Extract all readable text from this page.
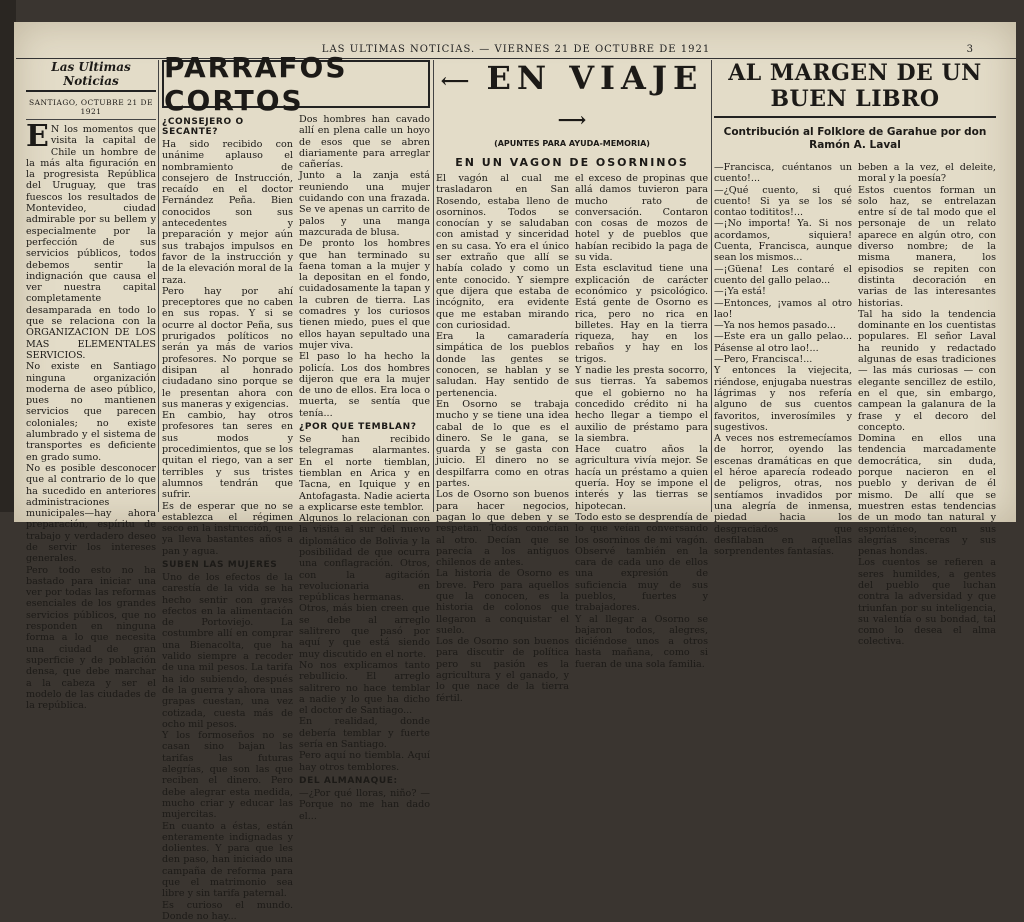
LAS ULTIMAS NOTICIAS. — VIERNES 21 DE OCTUBRE DE 1921	3
Las Ultimas Noticias
SANTIAGO, OCTUBRE 21 DE 1921

E N los momentos que visita la capital de Chile un hombre de la más alta figuración en la progresista República del Uruguay, que tras fuescos los resultados de Montevideo, ciudad admirable por su bellem y especialmente por la perfección de sus servicios públicos, todos debemos sentir la indignación que causa el ver nuestra capital completamente desamparada en todo lo que se relaciona con la ORGANIZACION DE LOS MAS ELEMENTALES SERVICIOS.

No existe en Santiago ninguna organización moderna de aseo público, pues no mantienen servicios que parecen coloniales; no existe alumbrado y el sistema de transportes es deficiente en grado sumo.

No es posible desconocer que al contrario de lo que ha sucedido en anteriores administraciones municipales—hay ahora preparación, espíritu de trabajo y verdadero deseo de servir los intereses generales.

Pero todo esto no ha bastado para iniciar una ver por todas las reformas esenciales de los grandes servicios públicos, que no responden en ninguna forma a lo que necesita una ciudad de gran superficie y de población densa, que debe marchar a la cabeza y ser el modelo de las ciudades de la república.

PARRAFOS CORTOS
¿CONSEJERO O SECANTE?

Ha sido recibido con unánime aplauso el nombramiento de consejero de Instrucción, recaído en el doctor Fernández Peña. Bien conocidos son sus antecedentes y preparación y mejor aún sus trabajos impulsos en favor de la instrucción y de la elevación moral de la raza.

Pero hay por ahí preceptores que no caben en sus ropas. Y si se ocurre al doctor Peña, sus prurigados políticos no serán ya más de varios profesores. No porque se disipan al honrado ciudadano sino porque se le presentan ahora con sus maneras y exigencias.

En cambio, hay otros profesores tan seres en sus modos y procedimientos, que se los quitan el riego, van a ser terribles y sus tristes alumnos tendrán que sufrir.

Es de esperar que no se establezca el régimen seco en la instrucción, que ya lleva bastantes años a pan y agua.

SUBEN LAS MUJERES

Uno de los efectos de la carestía de la vida se ha hecho sentir con graves efectos en la alimentación de Portoviejo. La costumbre allí en comprar una Bienacolta, que ha valido siempre a recoder de una mil pesos. La tarifa ha ido subiendo, después de la guerra y ahora unas grapas cuestan, una vez cotizada, cuesta más de ocho mil pesos.

Y los formoseños no se casan sino bajan las tarifas las futuras alegrías, que son las que reciben el dinero. Pero debe alegrar esta medida, mucho criar y educar las mujercitas.

En cuanto a éstas, están enteramente indignadas y dolientes. Y para que les den paso, han iniciado una campaña de reforma para que el matrimonio sea libre y sin tarifa paternal.

Es curioso el mundo. Donde no hay...

Dos hombres han cavado allí en plena calle un hoyo de esos que se abren diariamente para arreglar cañerías.

Junto a la zanja está reuniendo una mujer cuidando con una frazada. Se ve apenas un carrito de palos y una manga mazcurada de blusa.

De pronto los hombres que han terminado su faena toman a la mujer y la depositan en el fondo, cuidadosamente la tapan y la cubren de tierra. Las comadres y los curiosos tienen miedo, pues el que ellos hayan sepultado una mujer viva.

El paso lo ha hecho la policía. Los dos hombres dijeron que era la mujer de uno de ellos. Era loca o muerta, se sentía que tenía...

¿POR QUE TEMBLAN?

Se han recibido telegramas alarmantes. En el norte tiemblan, tiemblan en Arica y en Tacna, en Iquique y en Antofagasta. Nadie acierta a explicarse este temblor.

Algunos lo relacionan con la visita al sur del nuevo diplomático de Bolivia y la posibilidad de que ocurra una conflagración. Otros, con la agitación revolucionaria en repúblicas hermanas.

Otros, más bien creen que se debe al arreglo salitrero que pasó por aquí y que está siendo muy discutido en el norte.

No nos explicamos tanto rebullicio. El arreglo salitrero no hace temblar a nadie y lo que ha dicho el doctor de Santiago...

En realidad, donde debería temblar y fuerte sería en Santiago.

Pero aquí no tiembla. Aquí hay otros temblores.

DEL ALMANAQUE:

—¿Por qué lloras, niño? —Porque no me han dado el...

⟵ EN VIAJE ⟶
(APUNTES PARA AYUDA-MEMORIA)
EN UN VAGON DE OSORNINOS

El vagón al cual me trasladaron en San Rosendo, estaba lleno de osorninos. Todos se conocían y se saludaban con amistad y sinceridad en su casa. Yo era el único ser extraño que allí se había colado y como un ente conocido. Y siempre que dijera que estaba de incógnito, era evidente que me estaban mirando con curiosidad.

Era la camaradería simpática de los pueblos donde las gentes se conocen, se hablan y se saludan. Hay sentido de pertenencia.

En Osorno se trabaja mucho y se tiene una idea cabal de lo que es el dinero. Se le gana, se guarda y se gasta con juicio. El dinero no se despilfarra como en otras partes.

Los de Osorno son buenos para hacer negocios, pagan lo que deben y se respetan. Todos conocían al otro. Decían que se parecía a los antiguos chilenos de antes.

La historia de Osorno es breve. Pero para aquellos que la conocen, es la historia de colonos que llegaron a conquistar el suelo.

Los de Osorno son buenos para discutir de política pero su pasión es la agricultura y el ganado, y lo que nace de la tierra fértil.

el exceso de propinas que allá damos tuvieron para mucho rato de conversación. Contaron con cosas de mozos de hotel y de pueblos que habían recibido la paga de su vida.

Esta esclavitud tiene una explicación de carácter económico y psicológico. Está gente de Osorno es rica, pero no rica en billetes. Hay en la tierra riqueza, hay en los rebaños y hay en los trigos.

Y nadie les presta socorro, sus tierras. Ya sabemos que el gobierno no ha concedido crédito ni ha hecho llegar a tiempo el auxilio de préstamo para la siembra.

Hace cuatro años la agricultura vivía mejor. Se hacía un préstamo a quien quería. Hoy se impone el interés y las tierras se hipotecan.

Todo esto se desprendía de lo que veían conversando los osorninos de mi vagón. Observé también en la cara de cada uno de ellos una expresión de suficiencia muy de sus pueblos, fuertes y trabajadores.

Y al llegar a Osorno se bajaron todos, alegres, diciéndose unos a otros hasta mañana, como si fueran de una sola familia.

AL MARGEN DE UN BUEN LIBRO
Contribución al Folklore de Garahue por don Ramón A. Laval

—Francisca, cuéntanos un cuento!...

—¿Qué cuento, si qué cuento! Si ya se los sé contao todititos!...

—¡No importa! Ya. Si nos acordamos, siquiera! Cuenta, Francisca, aunque sean los mismos...

—¡Güena! Les contaré el cuento del gallo pelao...

—¡Ya está!

—Entonces, ¡vamos al otro lao!

—Ya nos hemos pasado...

—Este era un gallo pelao... Pásense al otro lao!...

—Pero, Francisca!...

Y entonces la viejecita, riéndose, enjugaba nuestras lágrimas y nos refería alguno de sus cuentos favoritos, inverosímiles y sugestivos.

A veces nos estremecíamos de horror, oyendo las escenas dramáticas en que el héroe aparecía rodeado de peligros, otras, nos sentíamos invadidos por una alegría de inmensa, piedad hacia los desgraciados que desfilaban en aquellas sorprendentes fantasías.

beben a la vez, el deleite, moral y la poesía?

Estos cuentos forman un solo haz, se entrelazan entre sí de tal modo que el personaje de un relato aparece en algún otro, con diverso nombre; de la misma manera, los episodios se repiten con distinta decoración en varias de las interesantes historias.

Tal ha sido la tendencia dominante en los cuentistas populares. El señor Laval ha reunido y redactado algunas de esas tradiciones — las más curiosas — con elegante sencillez de estilo, en el que, sin embargo, campean la galanura de la frase y el decoro del concepto.

Domina en ellos una tendencia marcadamente democrática, sin duda, porque nacieron en el pueblo y derivan de él mismo. De allí que se muestren estas tendencias de un modo tan natural y espontáneo, con sus alegrías sinceras y sus penas hondas.

Los cuentos se refieren a seres humildes, a gentes del pueblo que luchan contra la adversidad y que triunfan por su inteligencia, su valentía o su bondad, tal como lo desea el alma colectiva.
